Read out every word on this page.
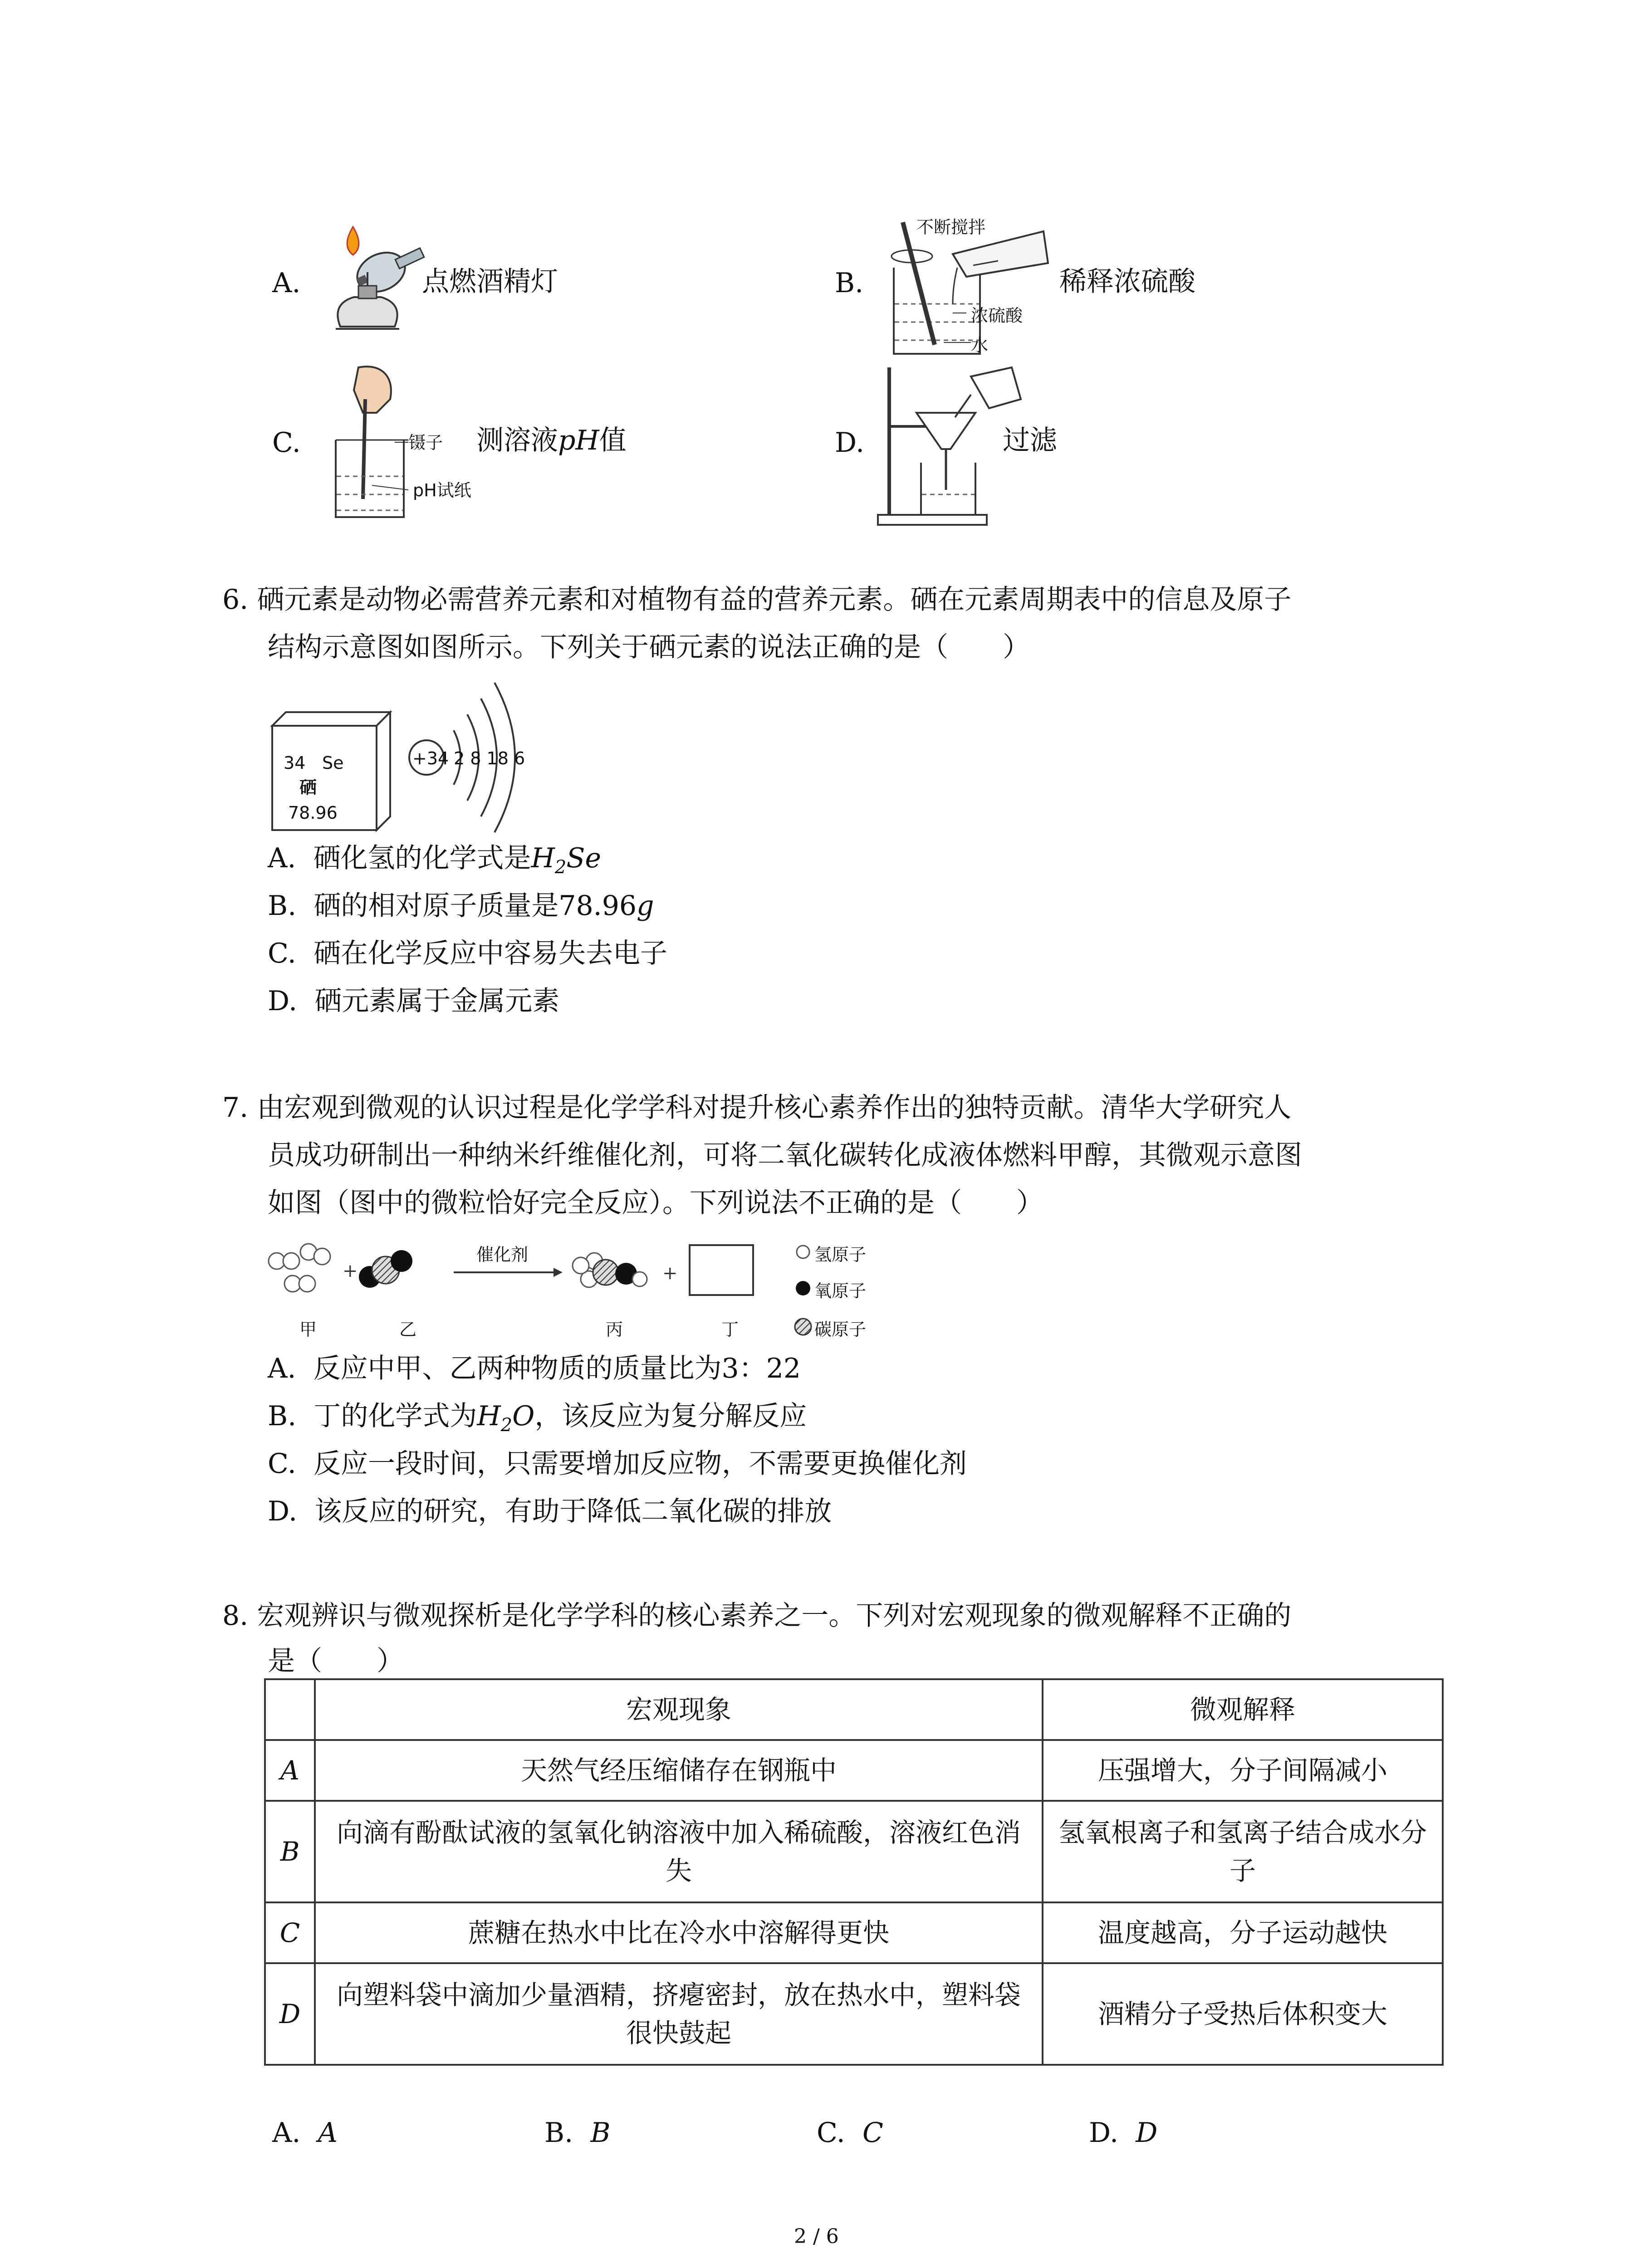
A.	点燃酒精灯	B.
不断搅拌
浓硫酸
水
稀释浓硫酸
C.	镊子
pH试纸
测溶液pH值	D.	过滤
6. 硒元素是动物必需营养元素和对植物有益的营养元素。硒在元素周期表中的信息及原子
结构示意图如图所示。下列关于硒元素的说法正确的是（　　）
34 Se
硒
78.96
+34 2 8 18 6
A. 硒化氢的化学式是$H_2Se$
B. 硒的相对原子质量是78.96g
C. 硒在化学反应中容易失去电子
D. 硒元素属于金属元素
7. 由宏观到微观的认识过程是化学学科对提升核心素养作出的独特贡献。清华大学研究人
员成功研制出一种纳米纤维催化剂，可将二氧化碳转化成液体燃料甲醇，其微观示意图
如图（图中的微粒恰好完全反应）。下列说法不正确的是（　　）
+	+
催化剂
甲	乙	丙	丁
氢原子
氧原子
碳原子
A. 反应中甲、乙两种物质的质量比为3：22
B. 丁的化学式为$H_2O$，该反应为复分解反应
C. 反应一段时间，只需要增加反应物，不需要更换催化剂
D. 该反应的研究，有助于降低二氧化碳的排放
8. 宏观辨识与微观探析是化学学科的核心素养之一。下列对宏观现象的微观解释不正确的
是（　　）
	宏观现象	微观解释
A	天然气经压缩储存在钢瓶中	压强增大，分子间隔减小
B	向滴有酚酞试液的氢氧化钠溶液中加入稀硫酸，溶液红色消失	氢氧根离子和氢离子结合成水分子
C	蔗糖在热水中比在冷水中溶解得更快	温度越高，分子运动越快
D	向塑料袋中滴加少量酒精，挤瘪密封，放在热水中，塑料袋很快鼓起	酒精分子受热后体积变大
A. A	B. B	C. C	D. D
2 / 6
